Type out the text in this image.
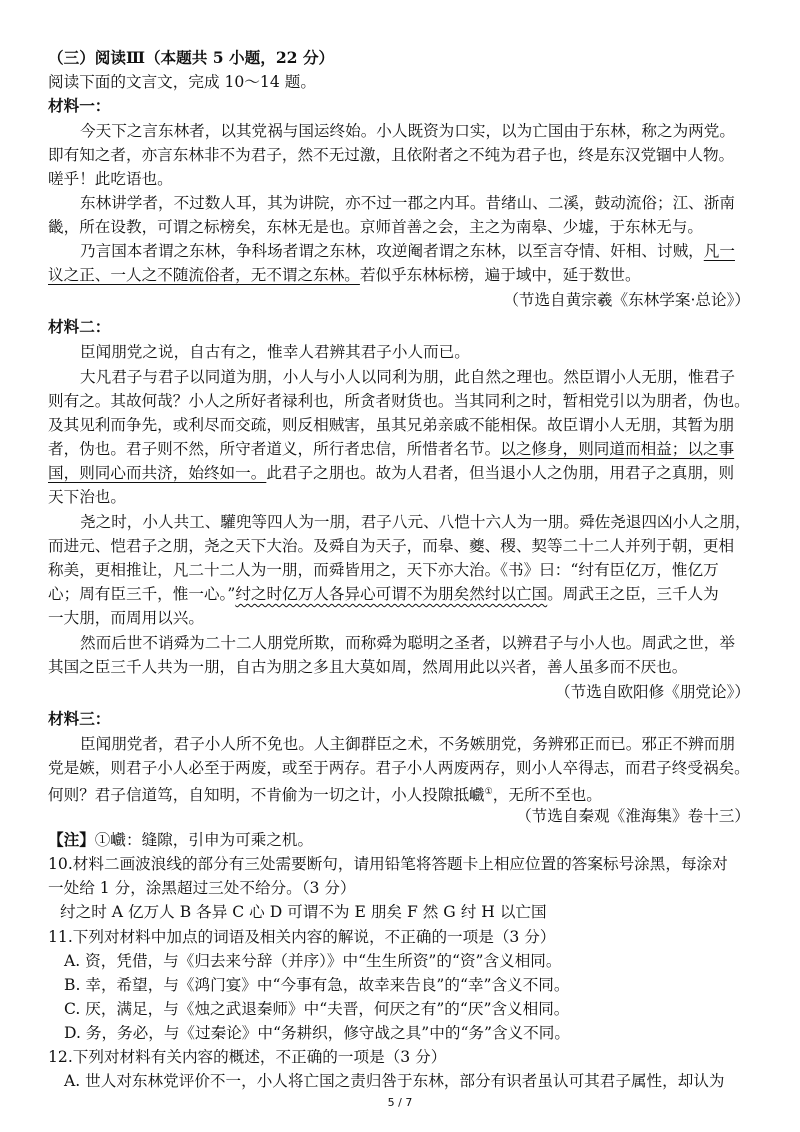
（三）阅读Ⅲ（本题共 5 小题，22 分）
阅读下面的文言文，完成 10～14 题。
材料一：
今天下之言东林者，以其党祸与国运终始。小人既资为口实，以为亡国由于东林，称之为两党。
即有知之者，亦言东林非不为君子，然不无过激，且依附者之不纯为君子也，终是东汉党锢中人物。
嗟乎！此吃语也。
东林讲学者，不过数人耳，其为讲院，亦不过一郡之内耳。昔绪山、二溪，鼓动流俗；江、浙南
畿，所在设教，可谓之标榜矣，东林无是也。京师首善之会，主之为南皋、少墟，于东林无与。
乃言国本者谓之东林，争科场者谓之东林，攻逆阉者谓之东林，以至言夺情、奸相、讨贼，凡一
议之正、一人之不随流俗者，无不谓之东林。若似乎东林标榜，遍于域中，延于数世。
（节选自黄宗羲《东林学案·总论》）
材料二：
臣闻朋党之说，自古有之，惟幸人君辨其君子小人而已。
大凡君子与君子以同道为朋，小人与小人以同利为朋，此自然之理也。然臣谓小人无朋，惟君子
则有之。其故何哉？小人之所好者禄利也，所贪者财货也。当其同利之时，暂相党引以为朋者，伪也。
及其见利而争先，或利尽而交疏，则反相贼害，虽其兄弟亲戚不能相保。故臣谓小人无朋，其暂为朋
者，伪也。君子则不然，所守者道义，所行者忠信，所惜者名节。以之修身，则同道而相益；以之事
国，则同心而共济，始终如一。此君子之朋也。故为人君者，但当退小人之伪朋，用君子之真朋，则
天下治也。
尧之时，小人共工、驩兜等四人为一朋，君子八元、八恺十六人为一朋。舜佐尧退四凶小人之朋，
而进元、恺君子之朋，尧之天下大治。及舜自为天子，而皋、夔、稷、契等二十二人并列于朝，更相
称美，更相推让，凡二十二人为一朋，而舜皆用之，天下亦大治。《书》曰：“纣有臣亿万，惟亿万
心；周有臣三千，惟一心。”纣之时亿万人各异心可谓不为朋矣然纣以亡国。周武王之臣，三千人为
一大朋，而周用以兴。
然而后世不诮舜为二十二人朋党所欺，而称舜为聪明之圣者，以辨君子与小人也。周武之世，举
其国之臣三千人共为一朋，自古为朋之多且大莫如周，然周用此以兴者，善人虽多而不厌也。
（节选自欧阳修《朋党论》）
材料三：
臣闻朋党者，君子小人所不免也。人主御群臣之术，不务嫉朋党，务辨邪正而已。邪正不辨而朋
党是嫉，则君子小人必至于两废，或至于两存。君子小人两废两存，则小人卒得志，而君子终受祸矣。
何则？君子信道笃，自知明，不肯偷为一切之计，小人投隙抵巇①，无所不至也。
（节选自秦观《淮海集》卷十三）
【注】①巇：缝隙，引申为可乘之机。
10.材料二画波浪线的部分有三处需要断句，请用铅笔将答题卡上相应位置的答案标号涂黑，每涂对
一处给 1 分，涂黑超过三处不给分。（3 分）
纣之时 A 亿万人 B 各异 C 心 D 可谓不为 E 朋矣 F 然 G 纣 H 以亡国
11.下列对材料中加点的词语及相关内容的解说，不正确的一项是（3 分）
A. 资，凭借，与《归去来兮辞（并序）》中“生生所资”的“资”含义相同。
B. 幸，希望，与《鸿门宴》中“今事有急，故幸来告良”的“幸”含义不同。
C. 厌，满足，与《烛之武退秦师》中“夫晋，何厌之有”的“厌”含义相同。
D. 务，务必，与《过秦论》中“务耕织，修守战之具”中的“务”含义不同。
12.下列对材料有关内容的概述，不正确的一项是（3 分）
A. 世人对东林党评价不一，小人将亡国之责归咎于东林，部分有识者虽认可其君子属性，却认为
5 / 7
